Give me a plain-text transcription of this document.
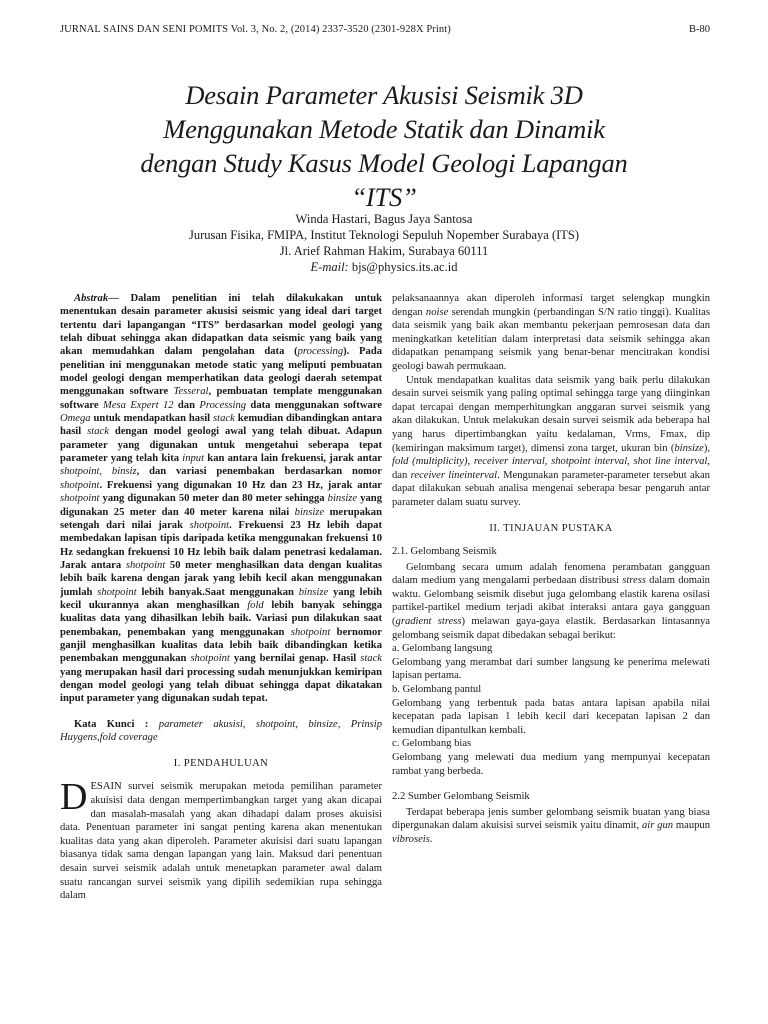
JURNAL SAINS DAN SENI POMITS Vol. 3, No. 2, (2014) 2337-3520 (2301-928X Print)	B-80
Desain Parameter Akusisi Seismik 3D
Menggunakan Metode Statik dan Dinamik
dengan Study Kasus Model Geologi Lapangan
“ITS”
Winda Hastari, Bagus Jaya Santosa
Jurusan Fisika, FMIPA, Institut Teknologi Sepuluh Nopember Surabaya (ITS)
Jl. Arief Rahman Hakim, Surabaya 60111
E-mail: bjs@physics.its.ac.id

Abstrak— Dalam penelitian ini telah dilakukakan untuk menentukan desain parameter akusisi seismic yang ideal dari target tertentu dari lapangangan “ITS” berdasarkan model geologi yang telah dibuat sehingga akan didapatkan data seismic yang baik yang akan memudahkan dalam pengolahan data (processing). Pada penelitian ini menggunakan metode static yang meliputi pembuatan model geologi dengan memperhatikan data geologi daerah setempat menggunakan software Tesseral, pembuatan template menggunakan software Mesa Expert 12 dan Processing data menggunakan software Omega untuk mendapatkan hasil stack kemudian dibandingkan antara hasil stack dengan model geologi awal yang telah dibuat. Adapun parameter yang digunakan untuk mengetahui seberapa tepat parameter yang telah kita input kan antara lain frekuensi, jarak antar shotpoint, binsiz, dan variasi penembakan berdasarkan nomor shotpoint. Frekuensi yang digunakan 10 Hz dan 23 Hz, jarak antar shotpoint yang digunakan 50 meter dan 80 meter sehingga binsize yang digunakan 25 meter dan 40 meter karena nilai binsize merupakan setengah dari nilai jarak shotpoint. Frekuensi 23 Hz lebih dapat membedakan lapisan tipis daripada ketika menggunakan frekuensi 10 Hz sedangkan frekuensi 10 Hz lebih baik dalam penetrasi kedalaman. Jarak antara shotpoint 50 meter menghasilkan data dengan kualitas lebih baik karena dengan jarak yang lebih kecil akan menggunakan jumlah shotpoint lebih banyak.Saat menggunakan binsize yang lebih kecil ukurannya akan menghasilkan fold lebih banyak sehingga kualitas data yang dihasilkan lebih baik. Variasi pun dilakukan saat penembakan, penembakan yang menggunakan shotpoint bernomor ganjil menghasilkan kualitas data lebih baik dibandingkan ketika penembakan menggunakan shotpoint yang bernilai genap. Hasil stack yang merupakan hasil dari processing sudah menunjukkan kemiripan dengan model geologi yang telah dibuat sehingga dapat dikatakan input parameter yang digunakan sudah tepat.

Kata Kunci : parameter akusisi, shotpoint, binsize, Prinsip Huygens,fold coverage

I. PENDAHULUAN

DESAIN survei seismik merupakan metoda pemilihan parameter akuisisi data dengan mempertimbangkan target yang akan dicapai dan masalah-masalah yang akan dihadapi dalam proses akuisisi data. Penentuan parameter ini sangat penting karena akan menentukan kualitas data yang akan diperoleh. Parameter akuisisi dari suatu lapangan biasanya tidak sama dengan lapangan yang lain. Maksud dari penentuan desain survei seismik adalah untuk menetapkan parameter awal dalam suatu rancangan survei seismik yang dipilih sedemikian rupa sehingga dalam

pelaksanaannya akan diperoleh informasi target selengkap mungkin dengan noise serendah mungkin (perbandingan S/N ratio tinggi). Kualitas data seismik yang baik akan membantu pekerjaan pemrosesan data dan meningkatkan ketelitian dalam interpretasi data seismik sehingga akan didapatkan penampang seismik yang benar-benar mencitrakan kondisi geologi bawah permukaan.

Untuk mendapatkan kualitas data seismik yang baik perlu dilakukan desain survei seismik yang paling optimal sehingga targe yang diinginkan dapat tercapai dengan memperhitungkan anggaran survei seismik yang akan dilakukan. Untuk melakukan desain survei seismik ada beberapa hal yang harus dipertimbangkan yaitu kedalaman, Vrms, Fmax, dip (kemiringan maksimum target), dimensi zona target, ukuran bin (binsize), fold (multiplicity), receiver interval, shotpoint interval, shot line interval, dan receiver lineinterval. Mengunakan parameter-parameter tersebut akan dapat dilakukan sebuah analisa mengenai seberapa besar pengaruh antar parameter dalam suatu survey.

II. TINJAUAN PUSTAKA
2.1. Gelombang Seismik

Gelombang secara umum adalah fenomena perambatan gangguan dalam medium yang mengalami perbedaan distribusi stress dalam domain waktu. Gelombang seismik disebut juga gelombang elastik karena osilasi partikel-partikel medium terjadi akibat interaksi antara gaya gangguan (gradient stress) melawan gaya-gaya elastik. Berdasarkan lintasannya gelombang seismik dapat dibedakan sebagai berikut:

a. Gelombang langsung
Gelombang yang merambat dari sumber langsung ke penerima melewati lapisan pertama.
b. Gelombang pantul
Gelombang yang terbentuk pada batas antara lapisan apabila nilai kecepatan pada lapisan 1 lebih kecil dari kecepatan lapisan 2 dan kemudian dipantulkan kembali.
c. Gelombang bias
Gelombang yang melewati dua medium yang mempunyai kecepatan rambat yang berbeda.
2.2 Sumber Gelombang Seismik

Terdapat beberapa jenis sumber gelombang seismik buatan yang biasa dipergunakan dalam akuisisi survei seismik yaitu dinamit, air gun maupun vibroseis.
